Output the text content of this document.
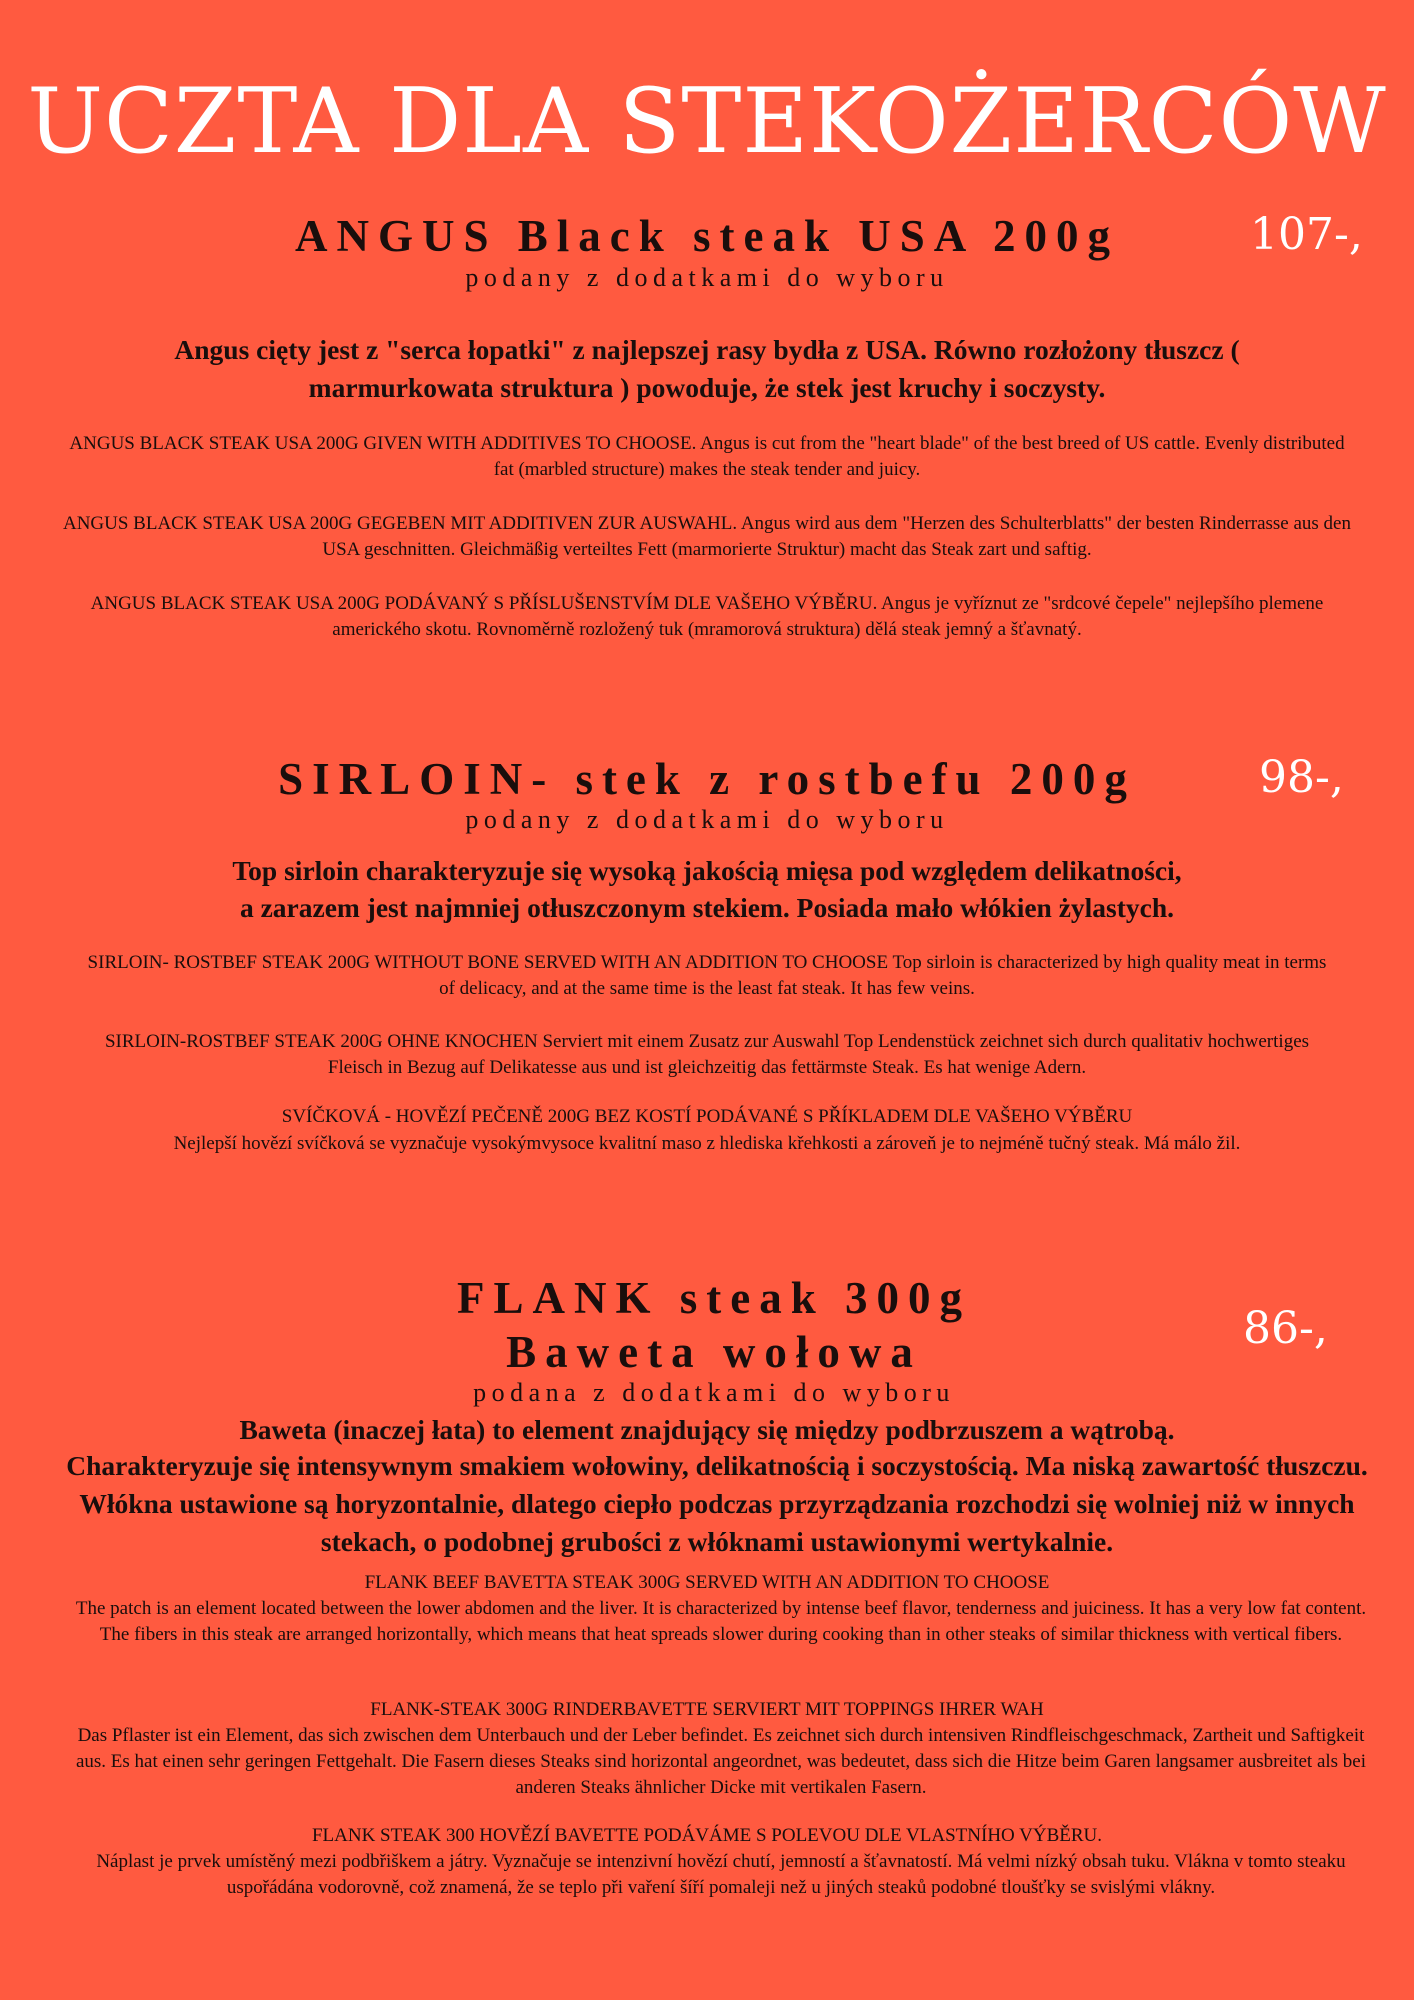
UCZTA DLA STEKOŻERCÓW
ANGUS Black steak USA 200g	107-,
podany z dodatkami do wyboru
Angus cięty jest z "serca łopatki" z najlepszej rasy bydła z USA. Równo rozłożony tłuszcz ( marmurkowata struktura ) powoduje, że stek jest kruchy i soczysty.
ANGUS BLACK STEAK USA 200G GIVEN WITH ADDITIVES TO CHOOSE. Angus is cut from the "heart blade" of the best breed of US cattle. Evenly distributed fat (marbled structure) makes the steak tender and juicy.
ANGUS BLACK STEAK USA 200G GEGEBEN MIT ADDITIVEN ZUR AUSWAHL. Angus wird aus dem "Herzen des Schulterblatts" der besten Rinderrasse aus den USA geschnitten. Gleichmäßig verteiltes Fett (marmorierte Struktur) macht das Steak zart und saftig.
ANGUS BLACK STEAK USA 200G PODÁVANÝ S PŘÍSLUŠENSTVÍM DLE VAŠEHO VÝBĚRU. Angus je vyříznut ze "srdcové čepele" nejlepšího plemene amerického skotu. Rovnoměrně rozložený tuk (mramorová struktura) dělá steak jemný a šťavnatý.
SIRLOIN- stek z rostbefu 200g	98-,
podany z dodatkami do wyboru
Top sirloin charakteryzuje się wysoką jakością mięsa pod względem delikatności,
a zarazem jest najmniej otłuszczonym stekiem. Posiada mało włókien żylastych.
SIRLOIN- ROSTBEF STEAK 200G WITHOUT BONE SERVED WITH AN ADDITION TO CHOOSE Top sirloin is characterized by high quality meat in terms of delicacy, and at the same time is the least fat steak. It has few veins.
SIRLOIN-ROSTBEF STEAK 200G OHNE KNOCHEN Serviert mit einem Zusatz zur Auswahl Top Lendenstück zeichnet sich durch qualitativ hochwertiges Fleisch in Bezug auf Delikatesse aus und ist gleichzeitig das fettärmste Steak. Es hat wenige Adern.
SVÍČKOVÁ - HOVĚZÍ PEČENĚ 200G BEZ KOSTÍ PODÁVANÉ S PŘÍKLADEM DLE VAŠEHO VÝBĚRU
Nejlepší hovězí svíčková se vyznačuje vysokýmvysoce kvalitní maso z hlediska křehkosti a zároveň je to nejméně tučný steak. Má málo žil.
FLANK steak 300g
Baweta wołowa	86-,
podana z dodatkami do wyboru
Baweta (inaczej łata) to element znajdujący się między podbrzuszem a wątrobą.
Charakteryzuje się intensywnym smakiem wołowiny, delikatnością i soczystością. Ma niską zawartość tłuszczu. Włókna ustawione są horyzontalnie, dlatego ciepło podczas przyrządzania rozchodzi się wolniej niż w innych stekach, o podobnej grubości z włóknami ustawionymi wertykalnie.
FLANK BEEF BAVETTA STEAK 300G SERVED WITH AN ADDITION TO CHOOSE
The patch is an element located between the lower abdomen and the liver. It is characterized by intense beef flavor, tenderness and juiciness. It has a very low fat content. The fibers in this steak are arranged horizontally, which means that heat spreads slower during cooking than in other steaks of similar thickness with vertical fibers.
FLANK-STEAK 300G RINDERBAVETTE SERVIERT MIT TOPPINGS IHRER WAH
Das Pflaster ist ein Element, das sich zwischen dem Unterbauch und der Leber befindet. Es zeichnet sich durch intensiven Rindfleischgeschmack, Zartheit und Saftigkeit aus. Es hat einen sehr geringen Fettgehalt. Die Fasern dieses Steaks sind horizontal angeordnet, was bedeutet, dass sich die Hitze beim Garen langsamer ausbreitet als bei anderen Steaks ähnlicher Dicke mit vertikalen Fasern.
FLANK STEAK 300 HOVĚZÍ BAVETTE PODÁVÁME S POLEVOU DLE VLASTNÍHO VÝBĚRU.
Náplast je prvek umístěný mezi podbřiškem a játry. Vyznačuje se intenzivní hovězí chutí, jemností a šťavnatostí. Má velmi nízký obsah tuku. Vlákna v tomto steaku uspořádána vodorovně, což znamená, že se teplo při vaření šíří pomaleji než u jiných steaků podobné tloušťky se svislými vlákny.
